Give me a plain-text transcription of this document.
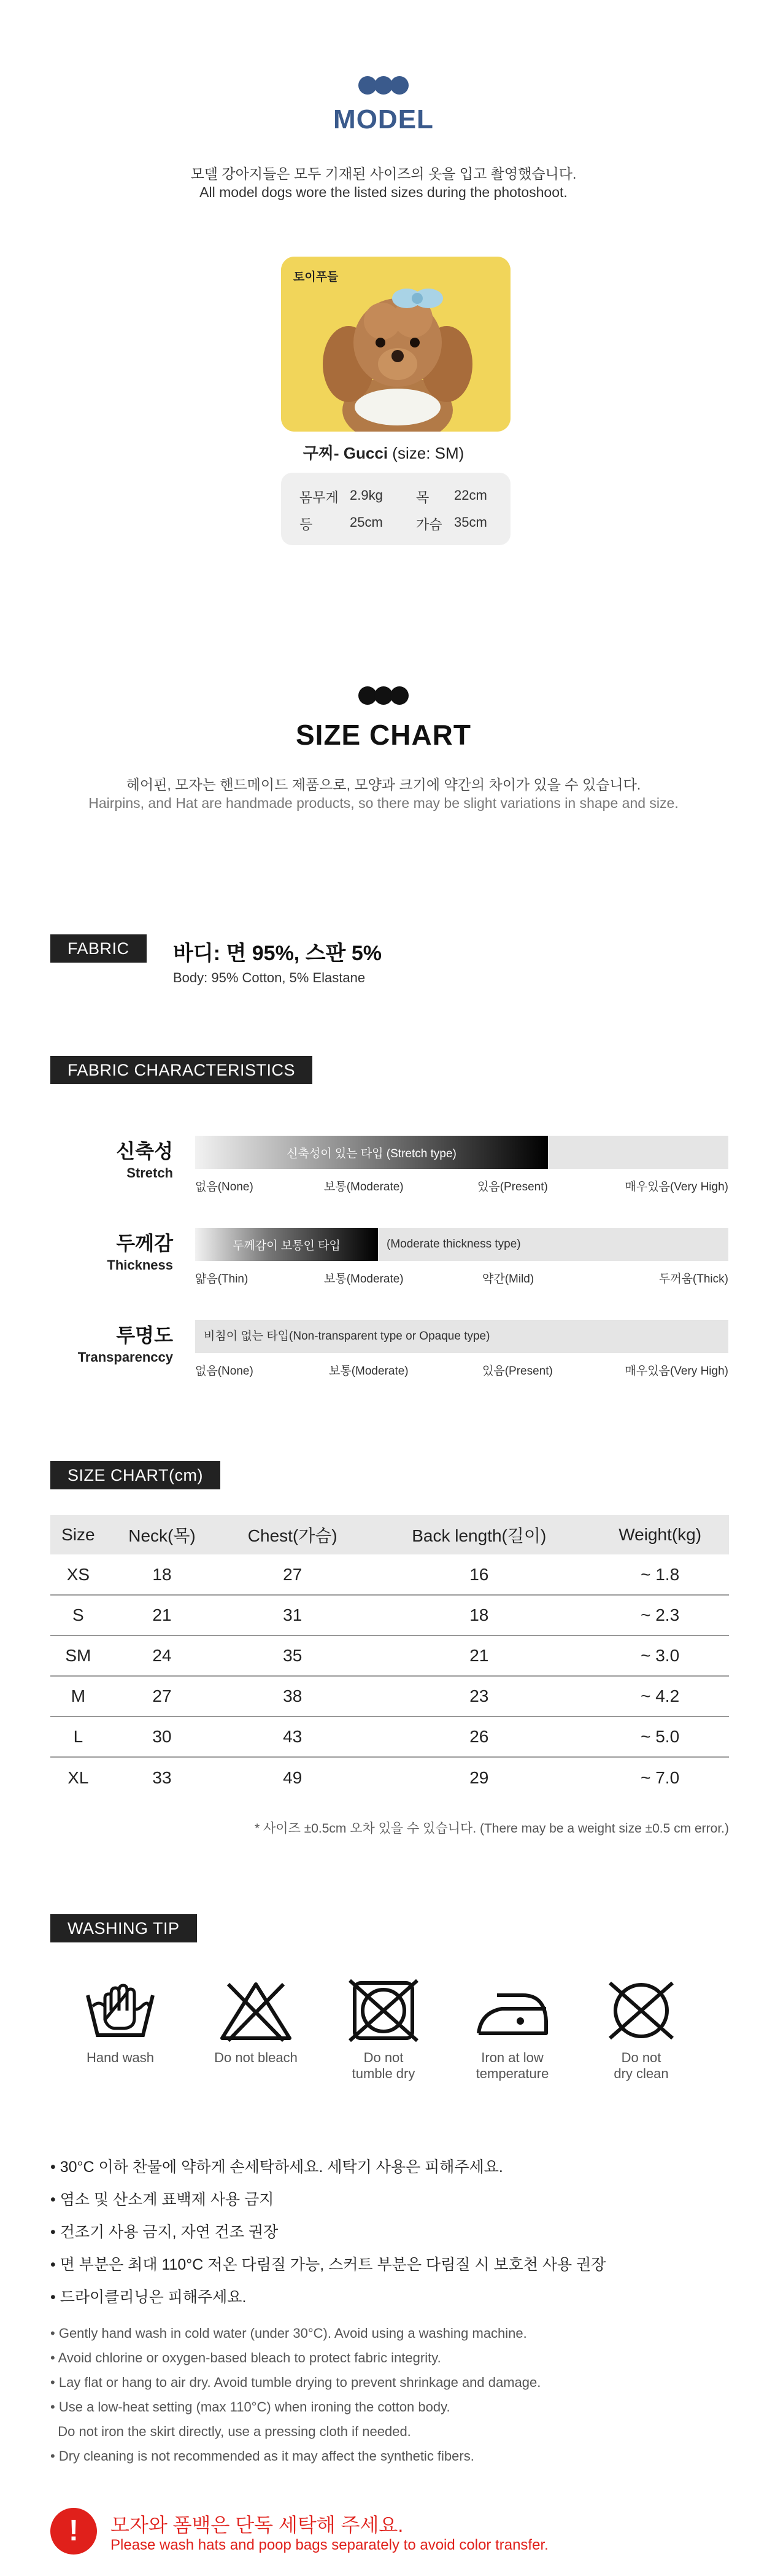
MODEL
모델 강아지들은 모두 기재된 사이즈의 옷을 입고 촬영했습니다.
All model dogs wore the listed sizes during the photoshoot.
토이푸들
구찌- Gucci (size: SM)
몸무게 2.9kg 목 22cm
등	25cm 가슴 35cm
SIZE CHART
헤어핀, 모자는 핸드메이드 제품으로, 모양과 크기에 약간의 차이가 있을 수 있습니다.
Hairpins, and Hat are handmade products, so there may be slight variations in shape and size.
FABRIC	바디: 면 95%, 스판 5%
Body: 95% Cotton, 5% Elastane
FABRIC CHARACTERISTICS
신축성
Stretch
신축성이 있는 타입 (Stretch type)
없음(None)	보통(Moderate)	있음(Present)	매우있음(Very High)
두께감
Thickness
두께감이 보통인 타입	(Moderate thickness type)
얇음(Thin)	보통(Moderate)	약간(Mild)	두꺼움(Thick)
투명도
Transparenccy
비침이 없는 타입(Non-transparent type or Opaque type)
없음(None)	보통(Moderate)	있음(Present)	매우있음(Very High)
SIZE CHART(cm)
Size	Neck(목)	Chest(가슴)	Back length(길이)	Weight(kg)
XS	18	27	16	~ 1.8
S	21	31	18	~ 2.3
SM	24	35	21	~ 3.0
M	27	38	23	~ 4.2
L	30	43	26	~ 5.0
XL	33	49	29	~ 7.0
* 사이즈 ±0.5cm 오차 있을 수 있습니다. (There may be a weight size ±0.5 cm error.)
WASHING TIP
Hand wash	Do not bleach	Do not
tumble dry
Iron at low
temperature
Do not
dry clean
• 30°C 이하 찬물에 약하게 손세탁하세요. 세탁기 사용은 피해주세요.
• 염소 및 산소계 표백제 사용 금지
• 건조기 사용 금지, 자연 건조 권장
• 면 부분은 최대 110°C 저온 다림질 가능, 스커트 부분은 다림질 시 보호천 사용 권장
• 드라이클리닝은 피해주세요.
• Gently hand wash in cold water (under 30°C). Avoid using a washing machine.
• Avoid chlorine or oxygen-based bleach to protect fabric integrity.
• Lay flat or hang to air dry. Avoid tumble drying to prevent shrinkage and damage.
• Use a low-heat setting (max 110°C) when ironing the cotton body.
Do not iron the skirt directly, use a pressing cloth if needed.
• Dry cleaning is not recommended as it may affect the synthetic fibers.
!	모자와 폼백은 단독 세탁해 주세요.
Please wash hats and poop bags separately to avoid color transfer.
